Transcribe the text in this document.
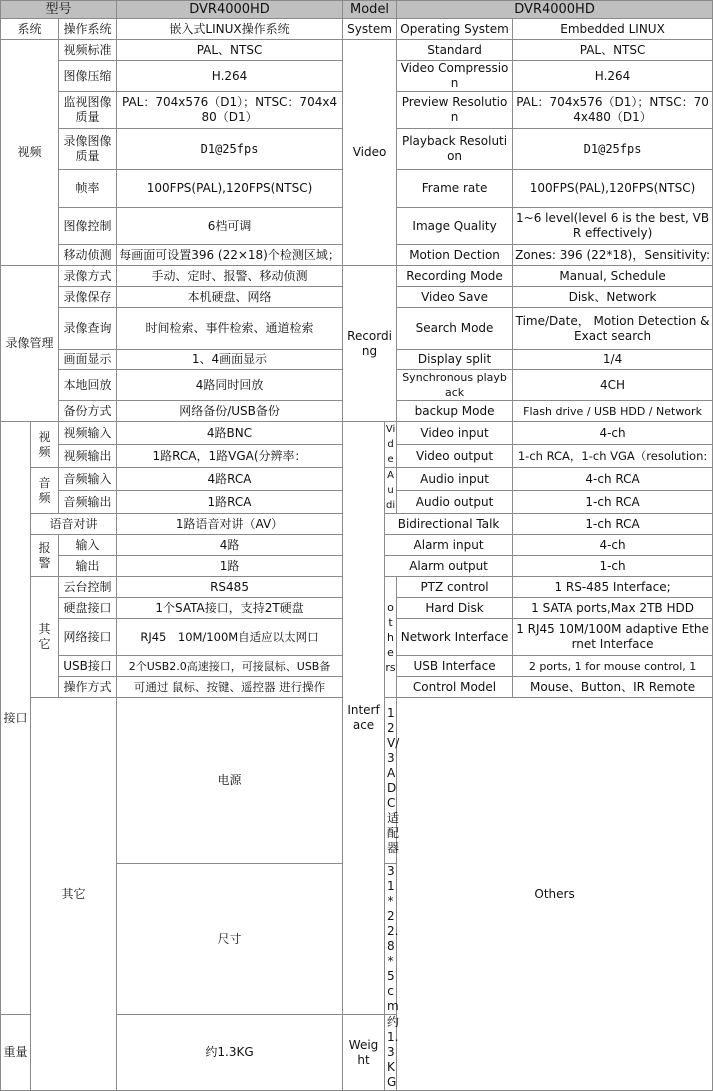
型号			DVR4000HD	Model		DVR4000HD		
系统		操作系统	嵌入式LINUX操作系统	System		Operating System	Embedded LINUX	
视频		视频标准	PAL、NTSC	Video		Standard	PAL、NTSC	
		图像压缩	H.264			Video Compression	H.264	
		监视图像质量	PAL：704x576（D1）；NTSC：704x480（D1）			Preview Resolution	PAL：704x576（D1）；NTSC：704x480（D1）	
		录像图像质量	D1@25fps			Playback Resolution	D1@25fps	
		帧率	100FPS(PAL),120FPS(NTSC)			Frame rate	100FPS(PAL),120FPS(NTSC)	
		图像控制	6档可调			Image Quality	1~6 level(level 6 is the best, VBR effectively)	
		移动侦测	每画面可设置396 (22×18)个检测区域；			Motion Dection	Zones: 396 (22*18)，Sensitivity:	
录像管理		录像方式	手动、定时、报警、移动侦测	Recording		Recording Mode	Manual, Schedule	
		录像保存	本机硬盘、网络			Video Save	Disk、Network	
		录像查询	时间检索、事件检索、通道检索			Search Mode	Time/Date， Motion Detection & Exact search	
		画面显示	1、4画面显示			Display split	1/4	
		本地回放	4路同时回放			Synchronous playback	4CH	
		备份方式	网络备份/USB备份			backup Mode	Flash drive / USB HDD / Network	
接口	视频	视频输入	4路BNC	Interface	Vide	Video input	4-ch	
		视频输出	1路RCA，1路VGA(分辨率：			Video output	1-ch RCA，1-ch VGA（resolution:	
	音频	音频输入	4路RCA		Audi	Audio input	4-ch RCA	
		音频输出	1路RCA			Audio output	1-ch RCA	
	语音对讲		1路语音对讲（AV）		Bidirectional Talk		1-ch RCA	
	报警	输入	4路		Alarm input		4-ch	
		输出	1路		Alarm output		1-ch	
	其它	云台控制	RS485		others	PTZ control	1 RS-485 Interface;	
		硬盘接口	1个SATA接口，支持2T硬盘			Hard Disk	1 SATA ports,Max 2TB HDD	
		网络接口	RJ45　10M/100M自适应以太网口			Network Interface	1 RJ45 10M/100M adaptive Ethernet Interface	
		USB接口	2个USB2.0高速接口，可接鼠标、USB备			USB Interface	2 ports, 1 for mouse control, 1	
		操作方式	可通过 鼠标、按键、遥控器 进行操作			Control Model	Mouse、Button、IR Remote	
	其它		电源		12V/3A DC适配器	Others		
			尺寸		31*22.8*5cm		
重量			约1.3KG	Weight	约1.3KG			
